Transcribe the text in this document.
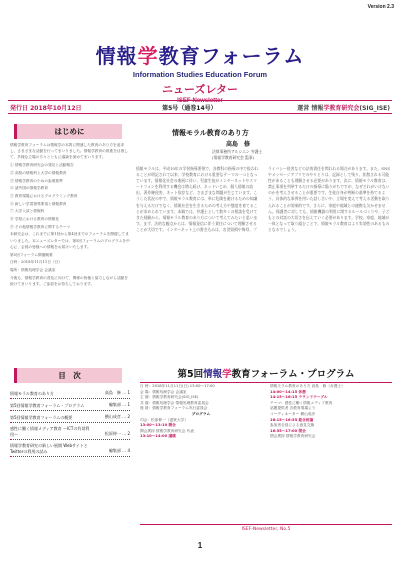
Version 2.3
情報学教育フォーラム
Information Studies Education Forum
ニューズレター
ISEF-Newsletter
発行日 2018年10月12日	第5号（通巻14号）	運営 情報学教育研究会(SIG_ISE)
はじめに

情報学教育フォーラムは情報学の本質に関連した教育のあり方を追求し、さまざまな活動を行ってまいりました。情報学教育の推進を目指して、多様な立場の方々とともに議論を深めてまいります。

① 情報学教育研究会の発足と活動報告

② 高校の情報科と大学の情報教育

③ 情報学教育のための参照基準

④ 諸外国の情報学教育

⑤ 教育現場におけるプログラミング教育

⑥ 新しい学習指導要領と情報教育

⑦ 大学入試と情報科

⑧ 学校における教育の情報化

⑨ その他情報学教育に関するテーマ

本研究会は、これまでに第1回から第4回までのフォーラムを開催してまいりました。本ニューズレターでは、第5回フォーラムのプログラムを中心に、会員の皆様への情報をお届けいたします。

第5回フォーラム開催概要

日時：2018年11月11日（日）

場所：情報処理学会 会議室

今後も、情報学教育の普及に向けて、関係の皆様と協力しながら活動を続けてまいります。ご参加をお待ちしております。

情報モラル教育のあり方
高島　修
法律事務所アルシエン 弁護士
(情報学教育研究会 監事)
情報モラルは、平成10年の学習指導要領で、各教科の指導の中で扱われることが明記されて以来、学校教育における重要なテーマの一つとなっています。情報化社会の進展に伴い、児童生徒がインターネットやスマートフォンを利用する機会は増え続け、ネットいじめ、個人情報の流出、著作権侵害、ネット依存など、さまざまな問題が生じています。こうした状況の中で、情報モラル教育には、単に危険を避けるための知識を与えるだけでなく、情報社会を生きるための考え方や態度を育てることが求められています。本稿では、弁護士として数多くの相談を受けてきた経験から、情報モラル教育のあり方について考えてみたいと思います。まず、法的な観点からは、情報発信に伴う責任について理解させることが大切です。インターネット上の書き込みは、名誉毀損や侮辱、プライバシー侵害などの法的責任を問われる場合があります。また、SNSやメッセージアプリでのやりとりは、記録として残り、拡散される可能性があることも理解させる必要があります。次に、情報モラル教育は、禁止事項を列挙するだけの指導に陥りがちですが、なぜそれがいけないのかを考えさせることが重要です。生徒自身が判断の基準を持てるよう、具体的な事例を用いた話し合いや、立場を変えて考える活動を取り入れることが効果的です。さらに、家庭や地域との連携も欠かせません。保護者に対しても、情報機器の利用に関するルールづくりや、子どもとの対話の大切さを伝えていく必要があります。学校、家庭、地域が一体となって取り組むことで、情報モラル教育はより実効性のあるものとなるでしょう。
目　次
情報モラル教育のあり方	高島　修 … 1
第5回情報学教育フォーラム・プログラム	編集部 … 1
第5回情報学教育フォーラムの概要	横山成彦 … 2
感性に働く情報メディア教育 〜ICTの有効利用〜	松原伸一 … 2
情報学教育研究の新しい展開 WebサイトとTwitterの利用の試み	編集部 … 4
第5回情報学教育フォーラム・プログラム
日 時：2018年11月11日(日) 13:00〜17:00
会 場：情報処理学会 会議室
主 催：情報学教育研究会(SIG_ISE)
共 催：情報処理学会 情報処理教育委員会
後 援：情報学教育フォーラム実行委員会
プログラム
司会：松原伸一（滋賀大学）
13:00〜13:10 開会
開会挨拶 情報学教育研究会 代表
13:10〜14:00 講演
情報モラル教育のあり方 高島　修（弁護士）
14:00〜14:15 休憩
14:15〜16:15 ラウンドテーブル
テーマ：感性に働く情報メディア教育
話題提供者 各教育現場より
コーディネーター 横山成彦
16:15〜16:55 総合討論
参加者全員による意見交換
16:55〜17:00 閉会
閉会挨拶 情報学教育研究会
ISEF-Newsletter, No.5
1
